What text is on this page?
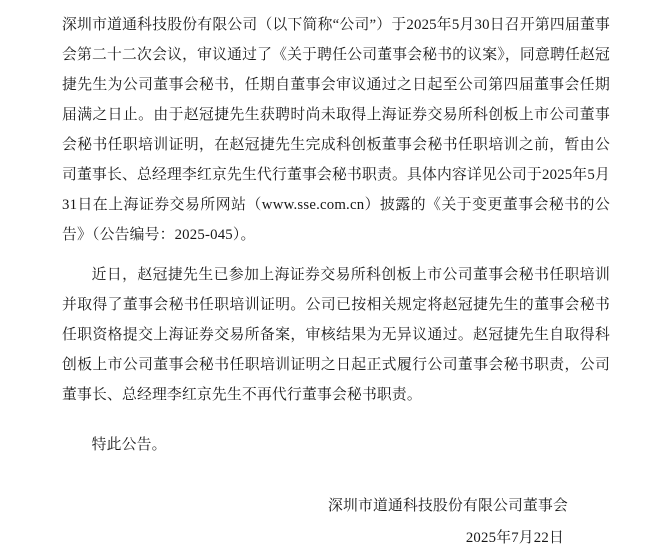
深圳市道通科技股份有限公司（以下简称“公司”）于2025年5月30日召开第四届董事会第二十二次会议，审议通过了《关于聘任公司董事会秘书的议案》，同意聘任赵冠捷先生为公司董事会秘书，任期自董事会审议通过之日起至公司第四届董事会任期届满之日止。由于赵冠捷先生获聘时尚未取得上海证券交易所科创板上市公司董事会秘书任职培训证明，在赵冠捷先生完成科创板董事会秘书任职培训之前，暂由公司董事长、总经理李红京先生代行董事会秘书职责。具体内容详见公司于2025年5月31日在上海证券交易所网站（www.sse.com.cn）披露的《关于变更董事会秘书的公告》（公告编号：2025-045）。

近日，赵冠捷先生已参加上海证券交易所科创板上市公司董事会秘书任职培训并取得了董事会秘书任职培训证明。公司已按相关规定将赵冠捷先生的董事会秘书任职资格提交上海证券交易所备案，审核结果为无异议通过。赵冠捷先生自取得科创板上市公司董事会秘书任职培训证明之日起正式履行公司董事会秘书职责，公司董事长、总经理李红京先生不再代行董事会秘书职责。

特此公告。

深圳市道通科技股份有限公司董事会
2025年7月22日
